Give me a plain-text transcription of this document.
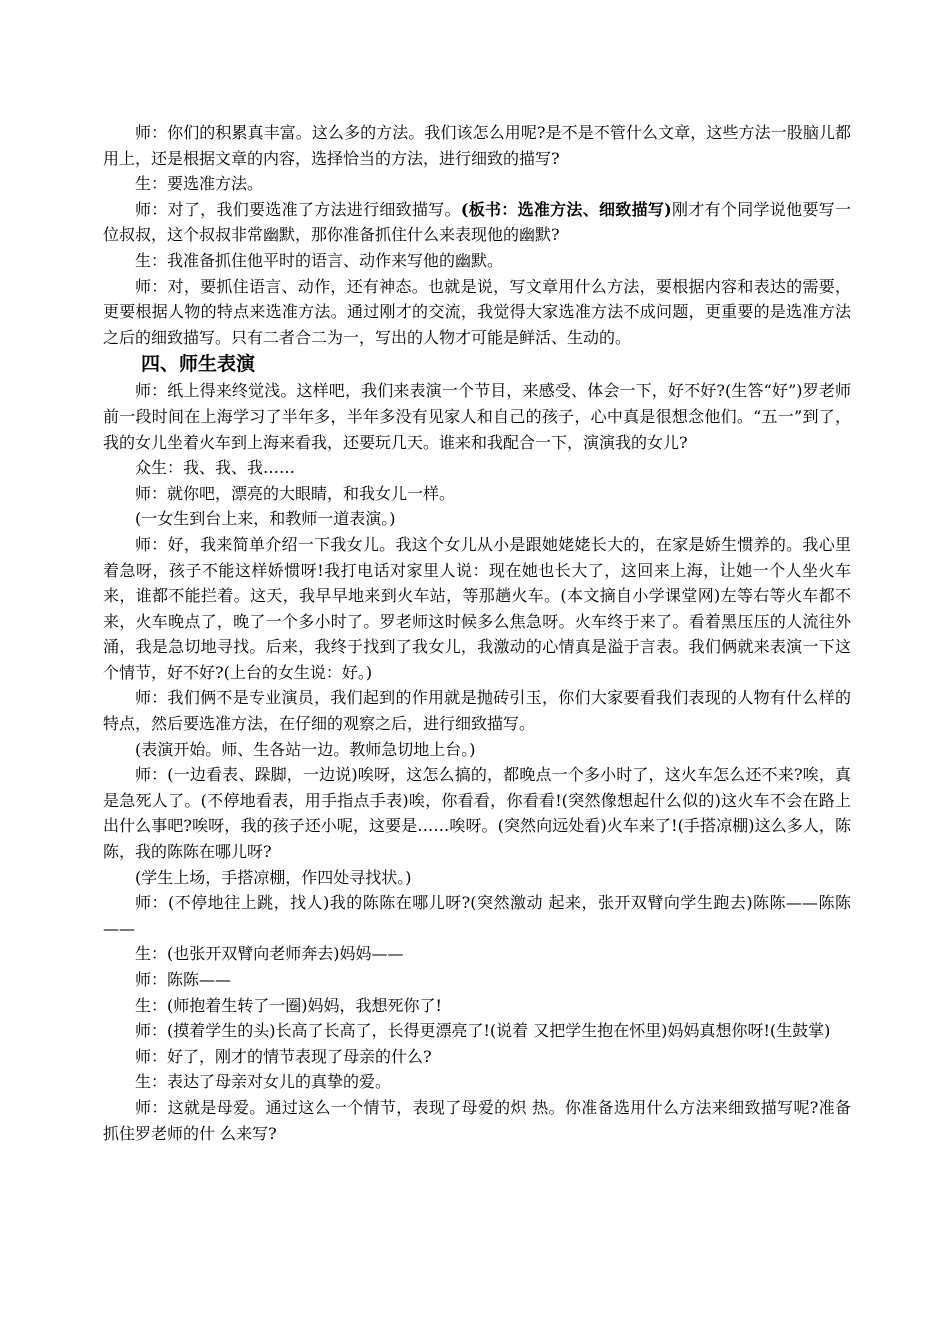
师：你们的积累真丰富。这么多的方法。我们该怎么用呢?是不是不管什么文章，这些方法一股脑儿都用上，还是根据文章的内容，选择恰当的方法，进行细致的描写?

生：要选准方法。

师：对了，我们要选准了方法进行细致描写。(板书：选准方法、细致描写)刚才有个同学说他要写一位叔叔，这个叔叔非常幽默，那你准备抓住什么来表现他的幽默?

生：我准备抓住他平时的语言、动作来写他的幽默。

师：对，要抓住语言、动作，还有神态。也就是说，写文章用什么方法，要根据内容和表达的需要，更要根据人物的特点来选准方法。通过刚才的交流，我觉得大家选准方法不成问题，更重要的是选准方法之后的细致描写。只有二者合二为一，写出的人物才可能是鲜活、生动的。

四、师生表演

师：纸上得来终觉浅。这样吧，我们来表演一个节目，来感受、体会一下，好不好?(生答“好”)罗老师前一段时间在上海学习了半年多，半年多没有见家人和自己的孩子，心中真是很想念他们。“五一”到了，我的女儿坐着火车到上海来看我，还要玩几天。谁来和我配合一下，演演我的女儿?

众生：我、我、我……

师：就你吧，漂亮的大眼睛，和我女儿一样。

(一女生到台上来，和教师一道表演。)

师：好，我来简单介绍一下我女儿。我这个女儿从小是跟她姥姥长大的，在家是娇生惯养的。我心里着急呀，孩子不能这样娇惯呀!我打电话对家里人说：现在她也长大了，这回来上海，让她一个人坐火车来，谁都不能拦着。这天，我早早地来到火车站，等那趟火车。(本文摘自小学课堂网)左等右等火车都不来，火车晚点了，晚了一个多小时了。罗老师这时候多么焦急呀。火车终于来了。看着黑压压的人流往外涌，我是急切地寻找。后来，我终于找到了我女儿，我激动的心情真是溢于言表。我们俩就来表演一下这个情节，好不好?(上台的女生说：好。)

师：我们俩不是专业演员，我们起到的作用就是抛砖引玉，你们大家要看我们表现的人物有什么样的特点，然后要选准方法，在仔细的观察之后，进行细致描写。

(表演开始。师、生各站一边。教师急切地上台。)

师：(一边看表、跺脚，一边说)唉呀，这怎么搞的，都晚点一个多小时了，这火车怎么还不来?唉，真是急死人了。(不停地看表，用手指点手表)唉，你看看，你看看!(突然像想起什么似的)这火车不会在路上出什么事吧?唉呀，我的孩子还小呢，这要是……唉呀。(突然向远处看)火车来了!(手搭凉棚)这么多人，陈陈，我的陈陈在哪儿呀?

(学生上场，手搭凉棚，作四处寻找状。)

师：(不停地往上跳，找人)我的陈陈在哪儿呀?(突然激动 起来，张开双臂向学生跑去)陈陈——陈陈——

生：(也张开双臂向老师奔去)妈妈——

师：陈陈——

生：(师抱着生转了一圈)妈妈，我想死你了!

师：(摸着学生的头)长高了长高了，长得更漂亮了!(说着 又把学生抱在怀里)妈妈真想你呀!(生鼓掌)

师：好了，刚才的情节表现了母亲的什么?

生：表达了母亲对女儿的真挚的爱。

师：这就是母爱。通过这么一个情节，表现了母爱的炽 热。你准备选用什么方法来细致描写呢?准备抓住罗老师的什 么来写?
